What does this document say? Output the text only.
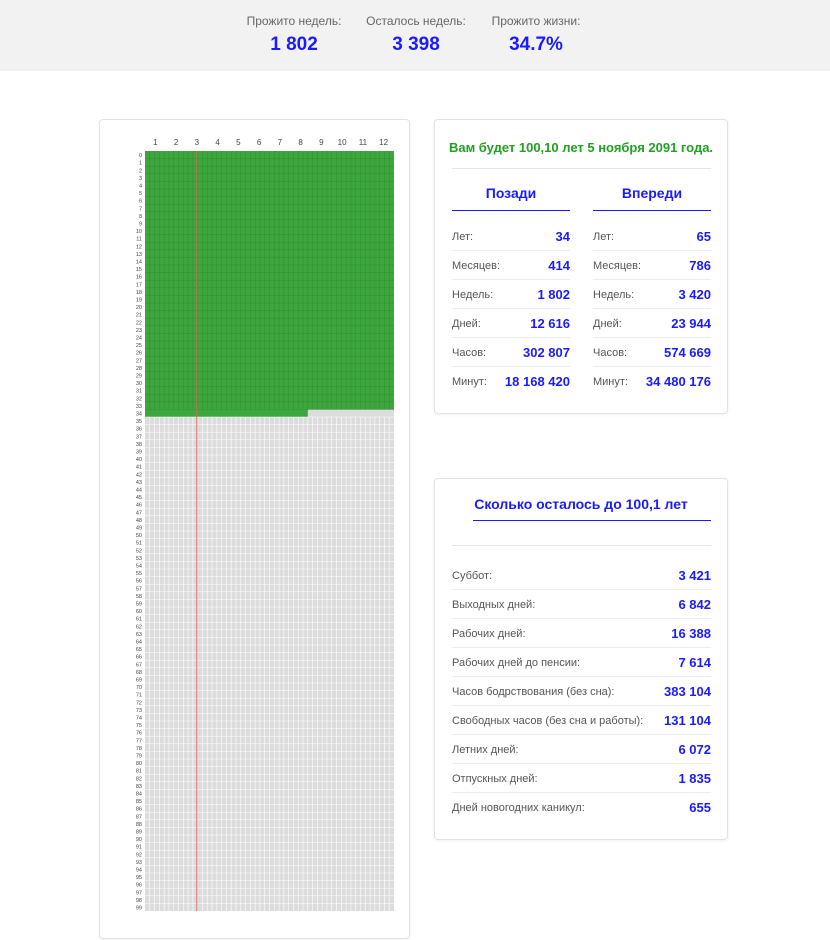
Прожито недель:
1 802
Осталось недель:
3 398
Прожито жизни:
34.7%
1 2 3 4 5 6 7 8 9 10 11 12
0
1
2
3
4
5
6
7
8
9
10
11
12
13
14
15
16
17
18
19
20
21
22
23
24
25
26
27
28
29
30
31
32
33
34
35
36
37
38
39
40
41
42
43
44
45
46
47
48
49
50
51
52
53
54
55
56
57
58
59
60
61
62
63
64
65
66
67
68
69
70
71
72
73
74
75
76
77
78
79
80
81
82
83
84
85
86
87
88
89
90
91
92
93
94
95
96
97
98
99
Вам будет 100,10 лет 5 ноября 2091 года.
Позади	Впереди
Лет:	34
Месяцев:	414
Недель:	1 802
Дней:	12 616
Часов:	302 807
Минут: 18 168 420
Лет:	65
Месяцев:	786
Недель:	3 420
Дней:	23 944
Часов:	574 669
Минут: 34 480 176
Сколько осталось до 100,1 лет
Суббот:	3 421
Выходных дней:	6 842
Рабочих дней:	16 388
Рабочих дней до пенсии:	7 614
Часов бодрствования (без сна):	383 104
Свободных часов (без сна и работы): 131 104
Летних дней:	6 072
Отпускных дней:	1 835
Дней новогодних каникул:	655
